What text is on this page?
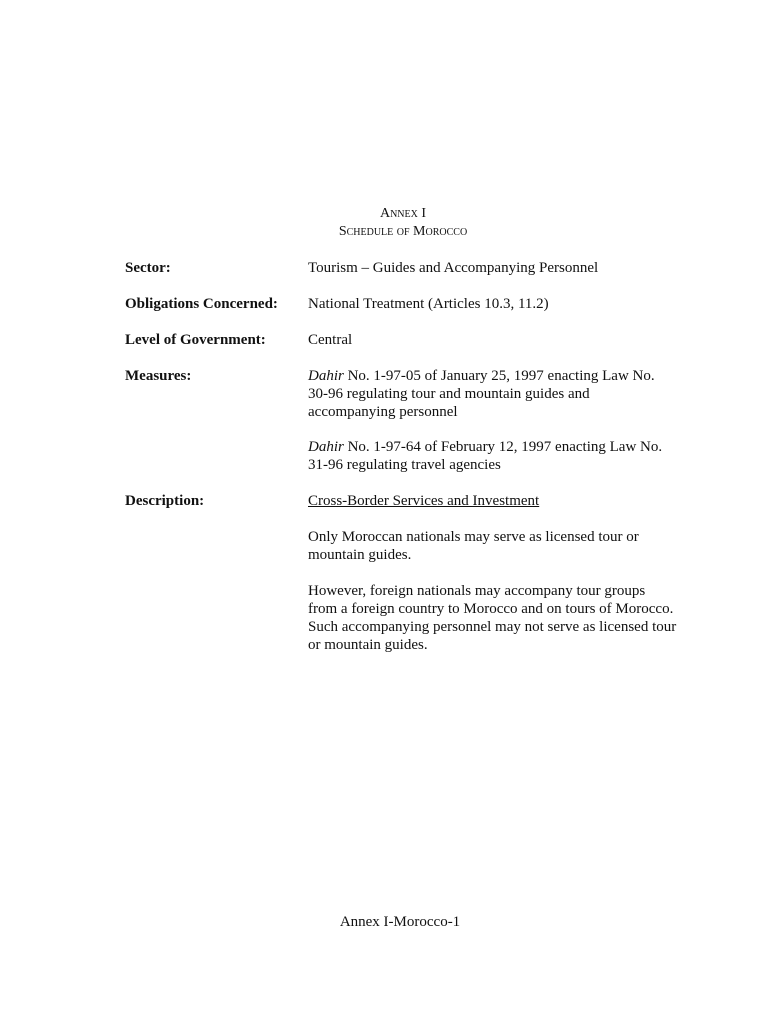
Annex I
Schedule of Morocco
Sector:	Tourism – Guides and Accompanying Personnel
Obligations Concerned: National Treatment (Articles 10.3, 11.2)
Level of Government:	Central
Measures:	Dahir No. 1-97-05 of January 25, 1997 enacting Law No.
30-96 regulating tour and mountain guides and
accompanying personnel

Dahir No. 1-97-64 of February 12, 1997 enacting Law No.
31-96 regulating travel agencies

Description:	Cross-Border Services and Investment

Only Moroccan nationals may serve as licensed tour or
mountain guides.

However, foreign nationals may accompany tour groups
from a foreign country to Morocco and on tours of Morocco.
Such accompanying personnel may not serve as licensed tour
or mountain guides.

Annex I-Morocco-1
